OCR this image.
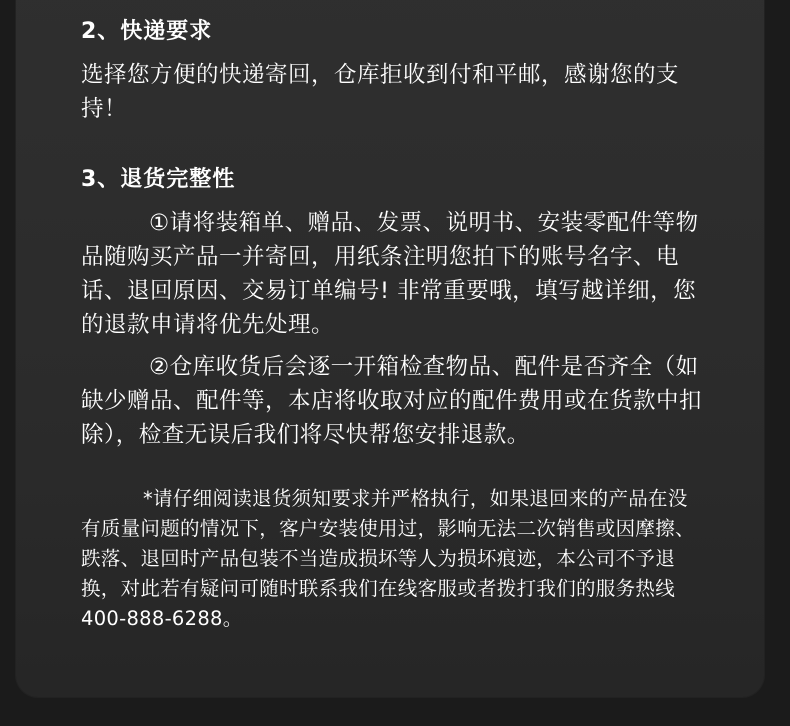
2、快递要求
选择您方便的快递寄回，仓库拒收到付和平邮，感谢您的支持！
3、退货完整性
①请将装箱单、赠品、发票、说明书、安装零配件等物品随购买产品一并寄回，用纸条注明您拍下的账号名字、电话、退回原因、交易订单编号! 非常重要哦，填写越详细，您的退款申请将优先处理。
②仓库收货后会逐一开箱检查物品、配件是否齐全（如缺少赠品、配件等，本店将收取对应的配件费用或在货款中扣除），检查无误后我们将尽快帮您安排退款。
*请仔细阅读退货须知要求并严格执行，如果退回来的产品在没有质量问题的情况下，客户安装使用过，影响无法二次销售或因摩擦、跌落、退回时产品包装不当造成损坏等人为损坏痕迹，本公司不予退换，对此若有疑问可随时联系我们在线客服或者拨打我们的服务热线400-888-6288。
